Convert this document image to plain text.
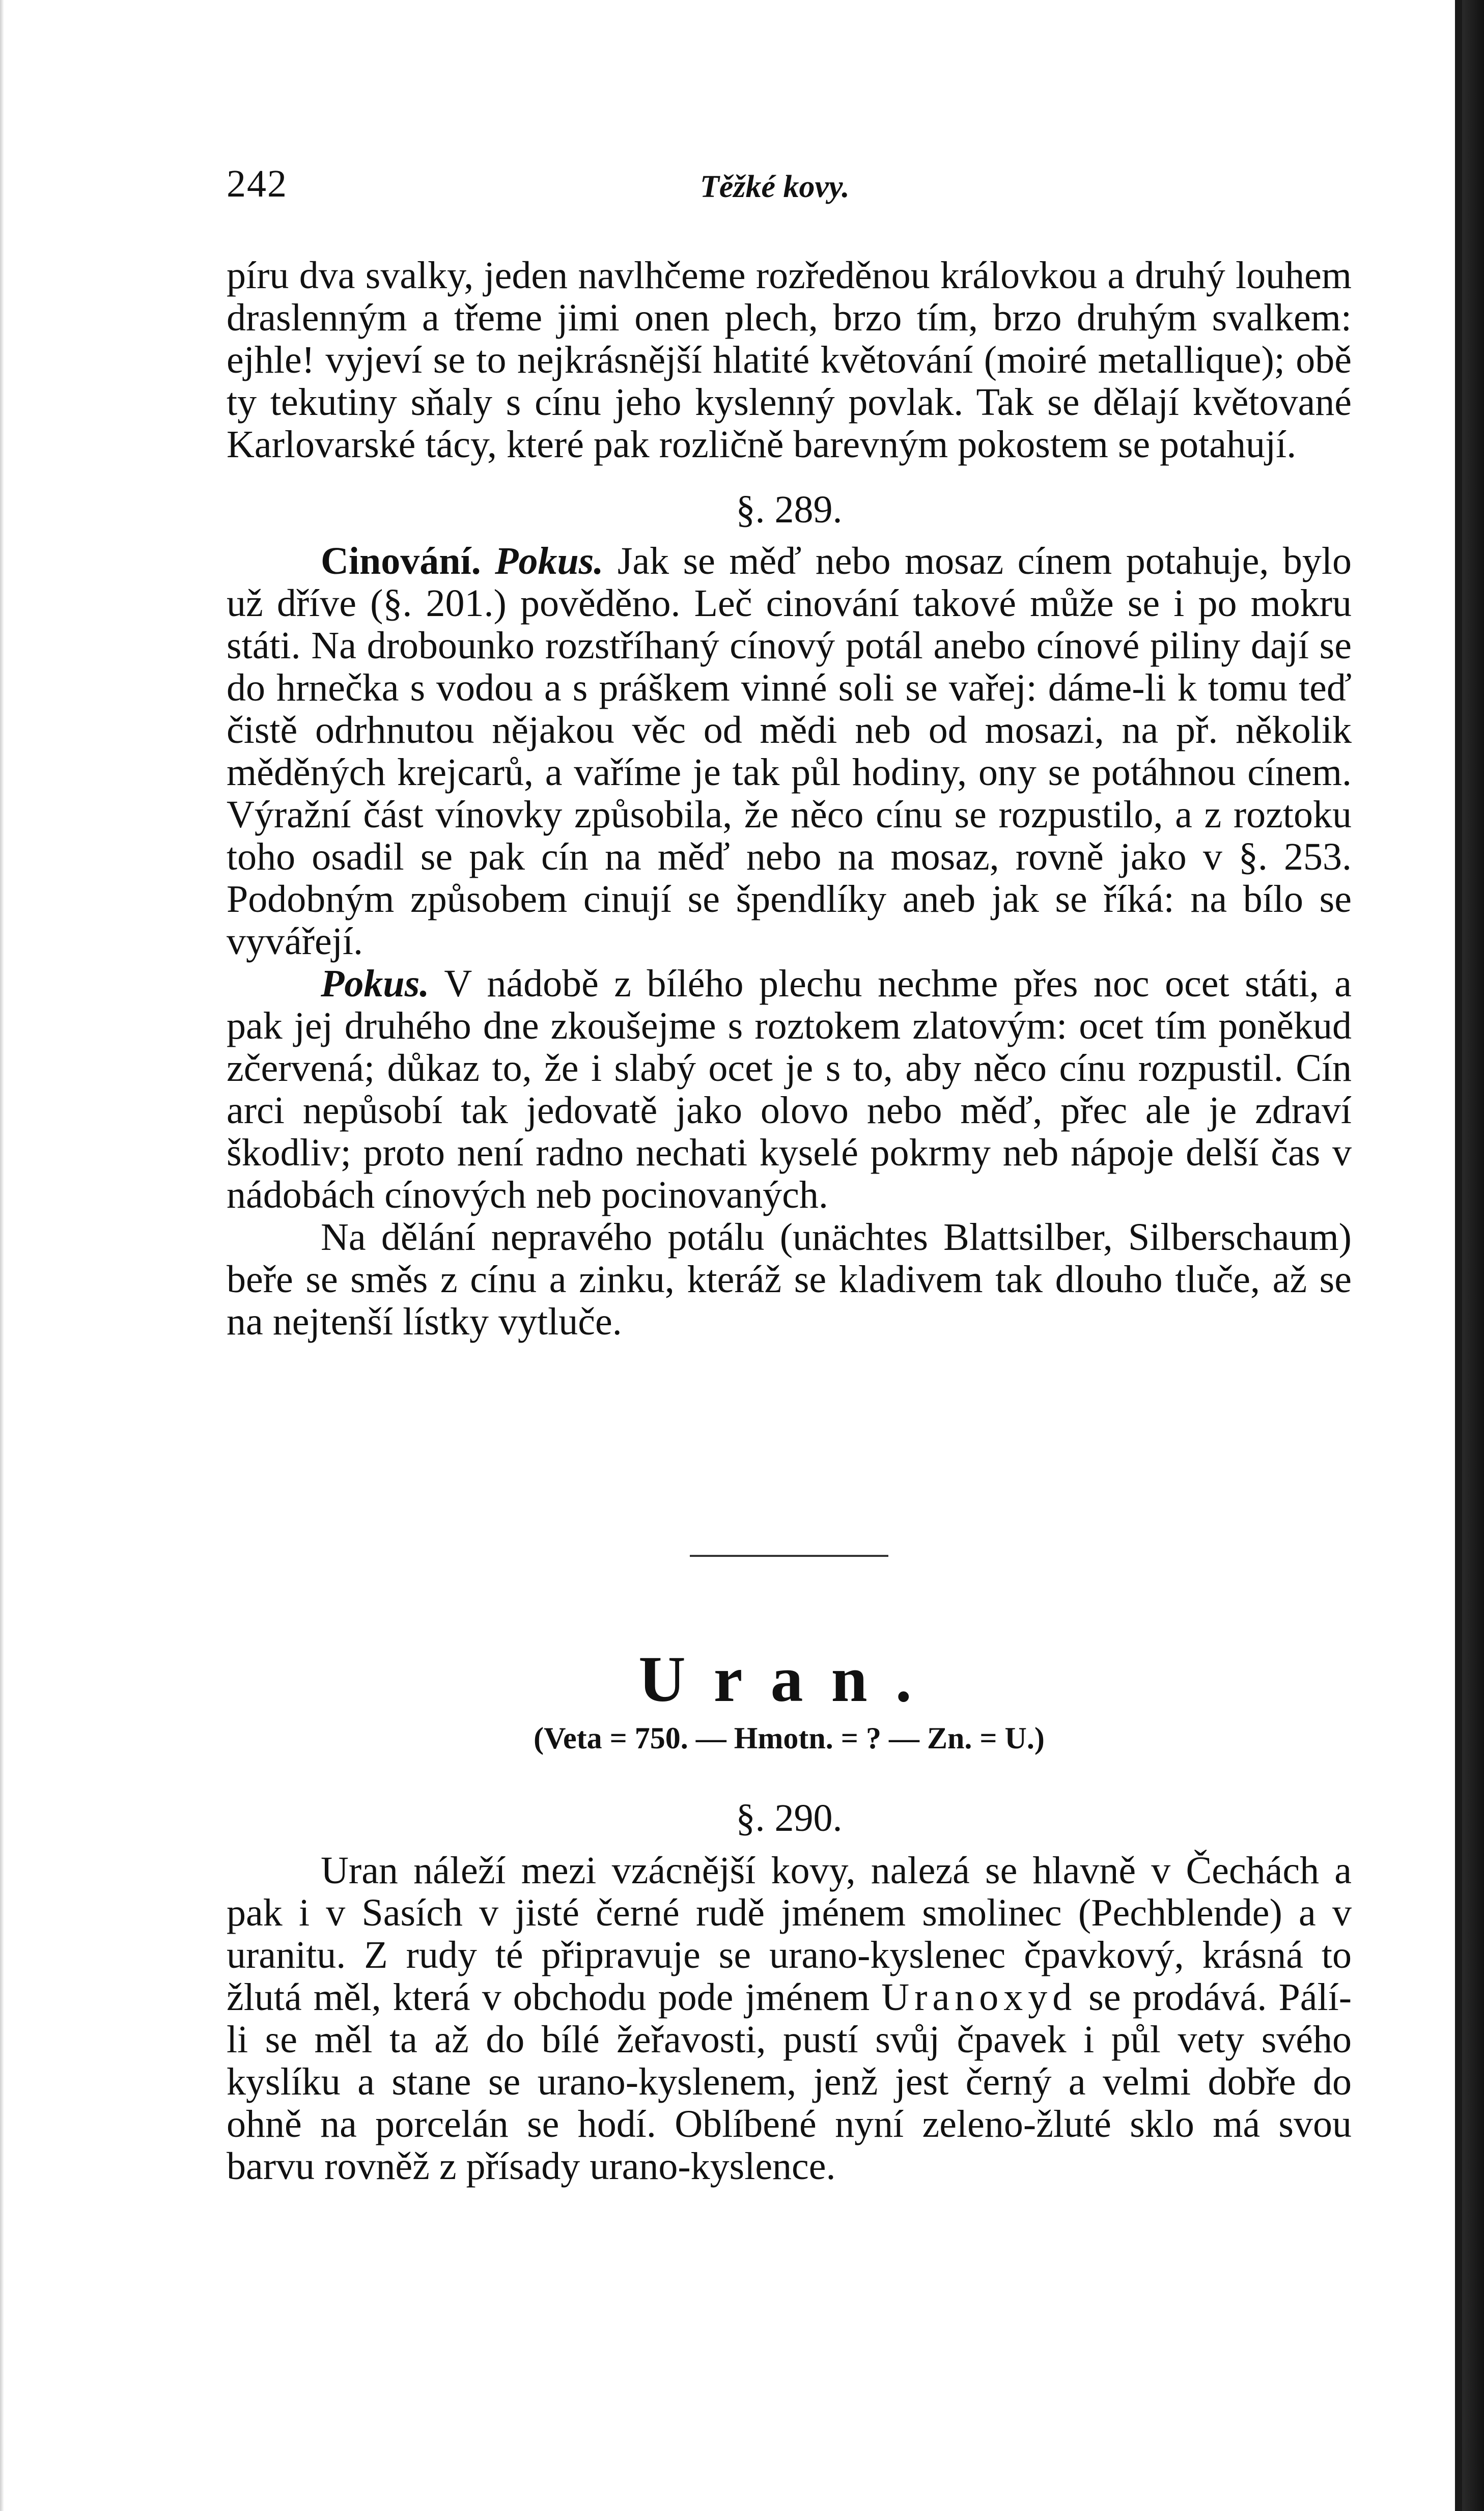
242	Těžké kovy.

píru dva svalky, jeden navlhčeme rozředěnou královkou a druhý louhem draslenným a třeme jimi onen plech, brzo tím, brzo druhým svalkem: ejhle! vyjeví se to nejkrásnější hlatité květování (moiré metallique); obě ty tekutiny sňaly s cínu jeho kyslenný povlak. Tak se dělají květované Karlovarské tácy, které pak rozličně barevným pokostem se potahují.

§. 289.

Cinování. Pokus. Jak se měď nebo mosaz cínem potahuje, bylo už dříve (§. 201.) pověděno. Leč cinování takové může se i po mokru státi. Na drobounko rozstříhaný cínový potál anebo cínové piliny dají se do hrnečka s vodou a s práškem vinné soli se vařej: dáme-li k tomu teď čistě odrhnutou nějakou věc od mědi neb od mosazi, na př. několik měděných krejcarů, a vaříme je tak půl hodiny, ony se potáhnou cínem. Výražní část vínovky způsobila, že něco cínu se rozpustilo, a z roztoku toho osadil se pak cín na měď nebo na mosaz, rovně jako v §. 253. Podobným způsobem cinují se špendlíky aneb jak se říká: na bílo se vyvářejí.

Pokus. V nádobě z bílého plechu nechme přes noc ocet státi, a pak jej druhého dne zkoušejme s roztokem zlatovým: ocet tím poněkud zčervená; důkaz to, že i slabý ocet je s to, aby něco cínu rozpustil. Cín arci nepůsobí tak jedovatě jako olovo nebo měď, přec ale je zdraví škodliv; proto není radno nechati kyselé pokrmy neb nápoje delší čas v nádobách cínových neb pocinovaných.

Na dělání nepravého potálu (unächtes Blattsilber, Silberschaum) beře se směs z cínu a zinku, kteráž se kladivem tak dlouho tluče, až se na nejtenší lístky vytluče.

Uran.
(Veta = 750. — Hmotn. = ? — Zn. = U.)

§. 290.

Uran náleží mezi vzácnější kovy, nalezá se hlavně v Čechách a pak i v Sasích v jisté černé rudě jménem smolinec (Pechblende) a v uranitu. Z rudy té připravuje se urano-kyslenec čpavkový, krásná to žlutá měl, která v obchodu pode jménem Uranoxyd se prodává. Pálí-li se měl ta až do bílé žeřavosti, pustí svůj čpavek i půl vety svého kyslíku a stane se urano-kyslenem, jenž jest černý a velmi dobře do ohně na porcelán se hodí. Oblíbené nyní zeleno-žluté sklo má svou barvu rovněž z přísady urano-kyslence.
